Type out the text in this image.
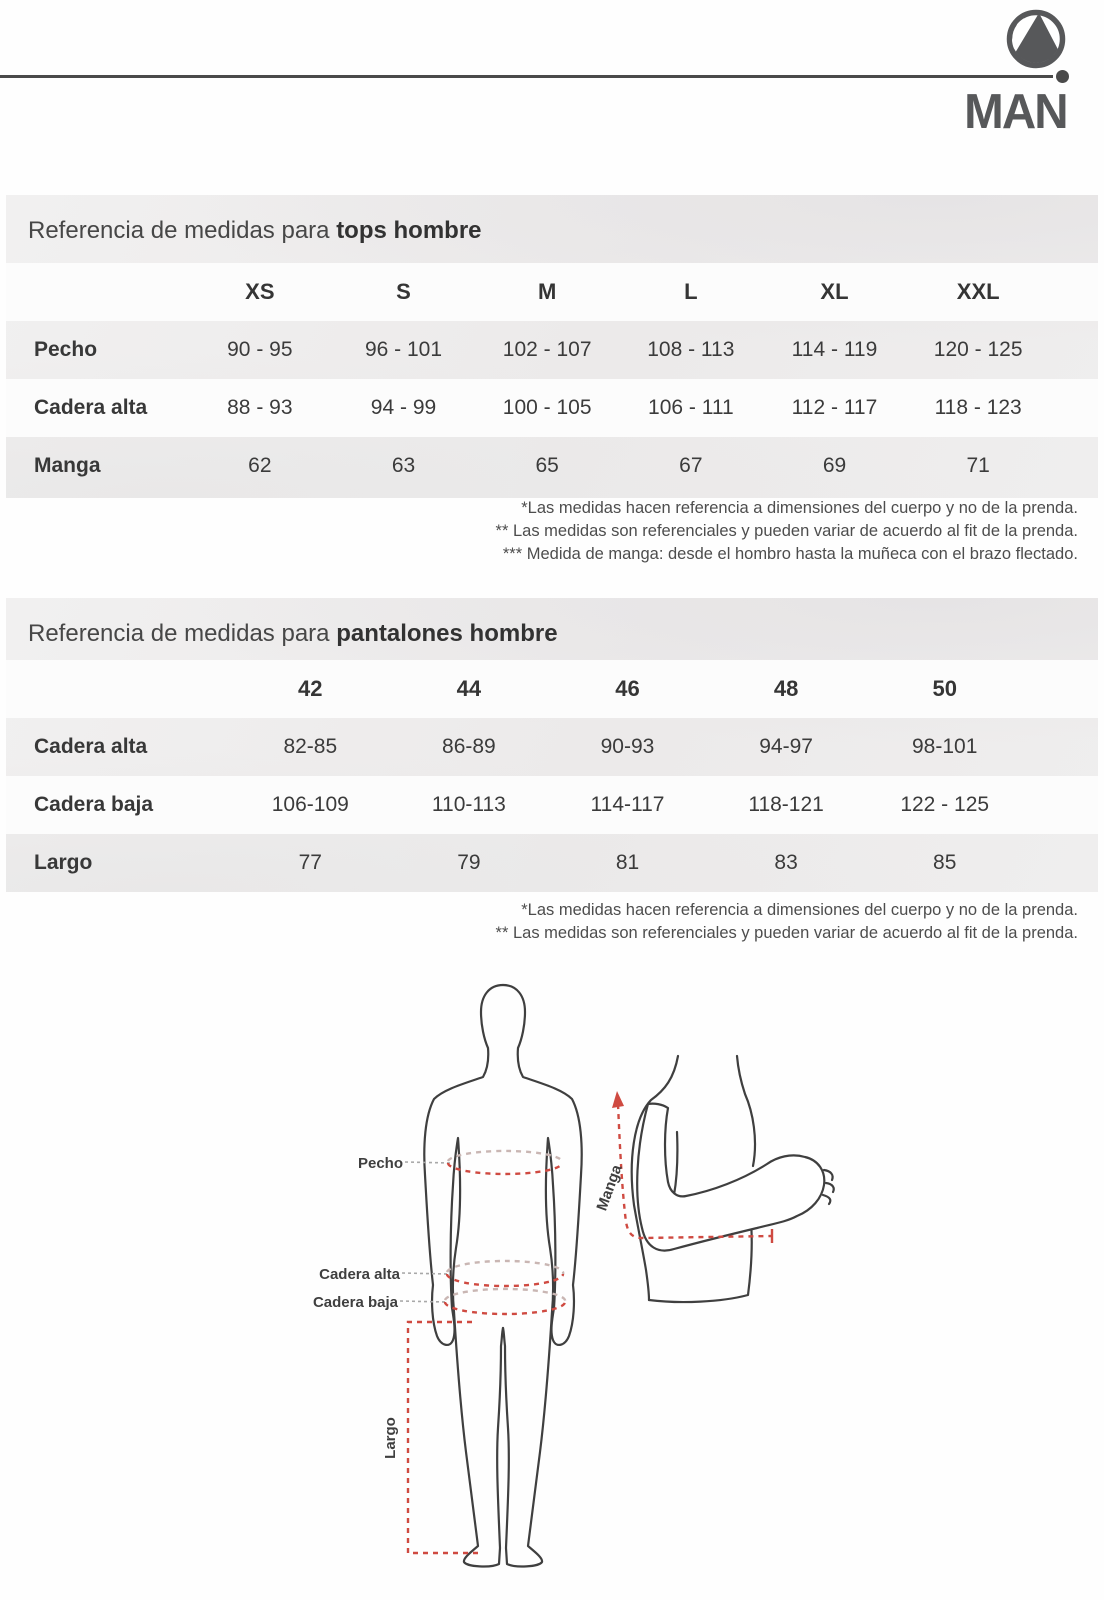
MAN
Referencia de medidas para tops hombre
XS	S	M	L	XL	XXL
Pecho	90 - 95	96 - 101	102 - 107	108 - 113	114 - 119	120 - 125
Cadera alta	88 - 93	94 - 99	100 - 105	106 - 111	112 - 117	118 - 123
Manga	62	63	65	67	69	71
*Las medidas hacen referencia a dimensiones del cuerpo y no de la prenda.
** Las medidas son referenciales y pueden variar de acuerdo al fit de la prenda.
*** Medida de manga: desde el hombro hasta la muñeca con el brazo flectado.
Referencia de medidas para pantalones hombre
42	44	46	48	50
Cadera alta	82-85	86-89	90-93	94-97	98-101
Cadera baja	106-109	110-113	114-117	118-121	122 - 125
Largo	77	79	81	83	85
*Las medidas hacen referencia a dimensiones del cuerpo y no de la prenda.
** Las medidas son referenciales y pueden variar de acuerdo al fit de la prenda.
Pecho
Cadera alta
Cadera baja
Largo
Manga
